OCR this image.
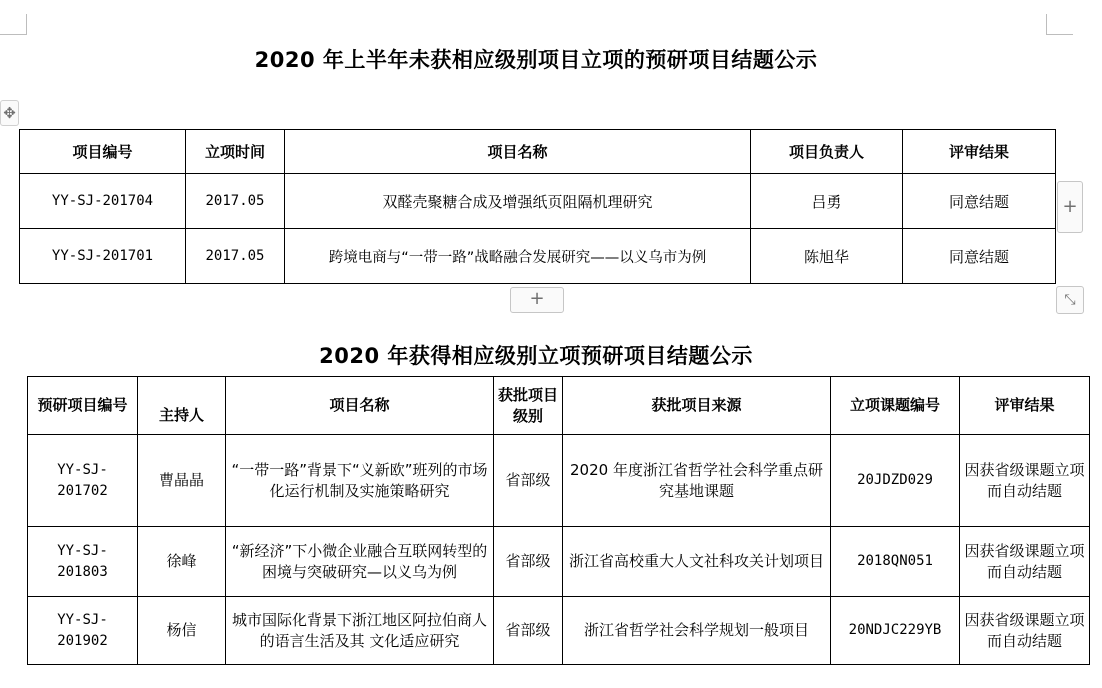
2020 年上半年未获相应级别项目立项的预研项目结题公示
✥
项目编号	立项时间	项目名称	项目负责人	评审结果
YY-SJ-201704	2017.05	双醛壳聚糖合成及增强纸页阻隔机理研究	吕勇	同意结题
YY-SJ-201701	2017.05	跨境电商与“一带一路”战略融合发展研究——以义乌市为例	陈旭华	同意结题
+
+	⤡
2020 年获得相应级别立项预研项目结题公示
预研项目编号	主持人	项目名称	获批项目级别	获批项目来源	立项课题编号	评审结果
YY-SJ-201702	曹晶晶	“一带一路”背景下“义新欧”班列的市场化运行机制及实施策略研究	省部级	2020 年度浙江省哲学社会科学重点研究基地课题	20JDZD029	因获省级课题立项而自动结题
YY-SJ-201803	徐峰	“新经济”下小微企业融合互联网转型的困境与突破研究—以义乌为例	省部级	浙江省高校重大人文社科攻关计划项目	2018QN051	因获省级课题立项而自动结题
YY-SJ-201902	杨信	城市国际化背景下浙江地区阿拉伯商人的语言生活及其 文化适应研究	省部级	浙江省哲学社会科学规划一般项目	20NDJC229YB	因获省级课题立项而自动结题
